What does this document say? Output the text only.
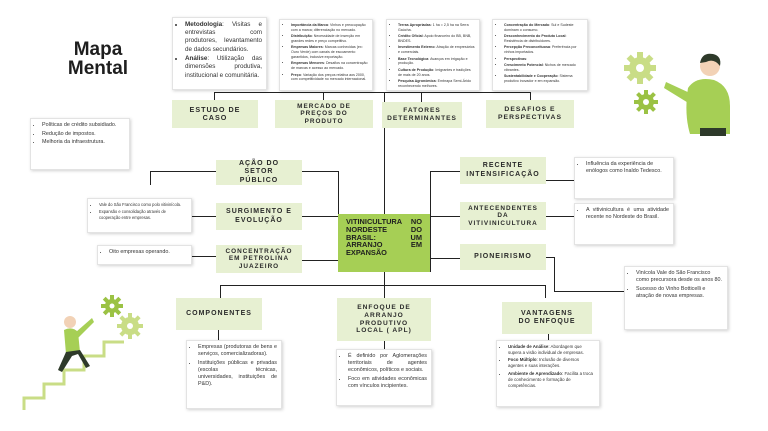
Mapa
Mental
ESTUDO DE CASO
MERCADO DE PREÇOS DO PRODUTO
FATORES DETERMINANTES
DESAFIOS E PERSPECTIVAS
• Metodologia: Visitas e entrevistas com produtores, levantamento de dados secundários.
• Análise: Utilização das dimensões produtiva, institucional e comunitária.
• Importância da Marca: Vinhos e preocupação com a marca; diferenciação no mercado.
• Distribuição: Necessidade de inserção em grandes redes e preço competitivo.
• Empresas Maiores: Marcas conhecidas (ex: Ouro Verde) com canais de escoamento garantidos, inclusive exportação.
• Empresas Menores: Desafios na concentração de marcas e acesso ao mercado.
• Preço: Variação dos preços relativa aos 2000, com competitividade no mercado internacional.
• Terras Apropriadas: 1 ha = 2,5 ha na Serra Gaúcha.
• Crédito Oficial: Apoio financeiro do BB, BNB, BNDES.
• Investimento Externo: Atração de empresários e comerciais.
• Base Tecnológica: Avanços em irrigação e produção.
• Cultura de Produção: Imigrantes e tradições de mais de 20 anos.
• Pesquisa Agronômica: Embrapa Semi-Árido reconhecendo melhores.
• Concentração do Mercado: Sul e Sudeste dominam o consumo.
• Desconhecimento do Produto Local: Resistência de distribuidores.
• Percepção Preconceituosa: Preferência por vinhos importados.
• Perspectivas:
• Crescimento Potencial: Nichos de mercado vibrantes.
• Sustentabilidade e Cooperação: Sistema produtivo inovador e em expansão.
VITINICULTURA NO NORDESTE DO BRASIL: UM ARRANJO EM EXPANSÃO
AÇÃO DO SETOR PÚBLICO
SURGIMENTO E EVOLUÇÃO
CONCENTRAÇÃO EM PETROLINA JUAZEIRO
• Políticas de crédito subsidiado.
• Redução de impostos.
• Melhoria da infraestrutura.
• Vale do São Francisco como polo vitivinícola.
• Expansão e consolidação através de cooperação entre empresas.
• Oito empresas operando.
RECENTE INTENSIFICAÇÃO
ANTECENDENTES DA VITIVINICULTURA
PIONEIRISMO
• Influência da experiência de enólogos como Inaldo Tedesco.
• A vitivinicultura é uma atividade recente no Nordeste do Brasil.
• Vinícola Vale do São Francisco como precursora desde os anos 80.
• Sucesso do Vinho Botticelli e atração de novas empresas.
COMPONENTES
ENFOQUE DE ARRANJO PRODUTIVO LOCAL ( APL)
VANTAGENS DO ENFOQUE
• Empresas (produtoras de bens e serviços, comercializadoras).
• Instituições públicas e privadas (escolas técnicas, universidades, instituições de P&D).
• É definido por Aglomerações territoriais de agentes econômicos, políticos e sociais.
• Foco em atividades econômicas com vínculos incipientes.
• Unidade de Análise: Abordagem que supera a visão individual de empresas.
• Foco Múltiplo: Inclusão de diversos agentes e suas interações.
• Ambiente de Aprendizado: Facilita a troca de conhecimento e formação de competências.
